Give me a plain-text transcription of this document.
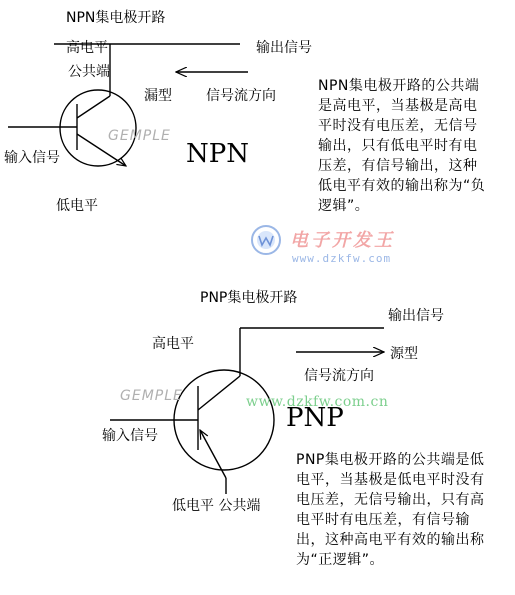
NPN集电极开路
高电平
公共端
输出信号
漏型 信号流方向
输入信号
低电平
NPN
GEMPLE
NPN集电极开路的公共端是高电平，当基极是高电平时没有电压差，无信号输出，只有低电平时有电压差，有信号输出，这种低电平有效的输出称为“负逻辑”。
电子开发王
www.dzkfw.com
PNP集电极开路
输出信号
源型
高电平
信号流方向
输入信号
低电平 公共端
PNP
GEMPLE	www.dzkfw.com.cn
PNP集电极开路的公共端是低电平，当基极是低电平时没有电压差，无信号输出，只有高电平时有电压差，有信号输出，这种高电平有效的输出称为“正逻辑”。
